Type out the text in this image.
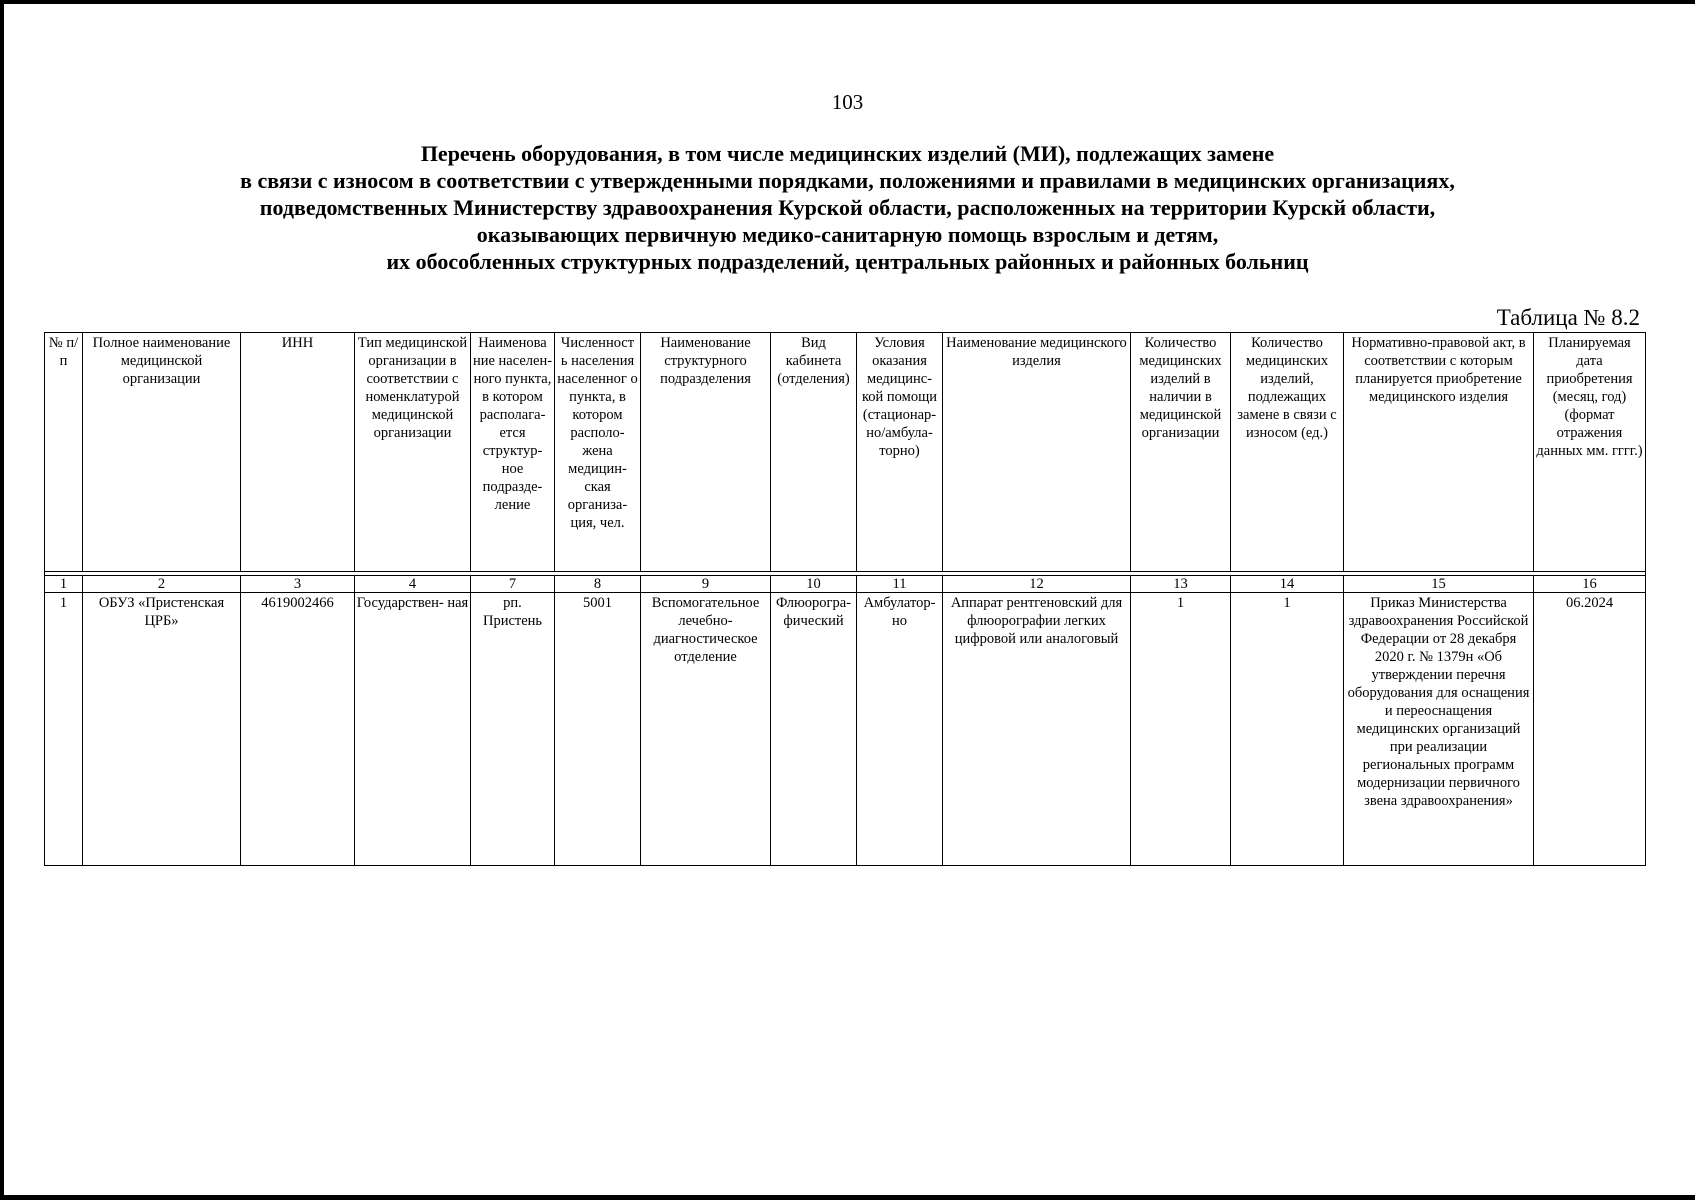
103
Перечень оборудования, в том числе медицинских изделий (МИ), подлежащих замене
в связи с износом в соответствии с утвержденными порядками, положениями и правилами в медицинских организациях,
подведомственных Министерству здравоохранения Курской области, расположенных на территории Курскй области,
оказывающих первичную медико-санитарную помощь взрослым и детям,
их обособленных структурных подразделений, центральных районных и районных больниц
Таблица № 8.2
№ п/п	Полное наименование медицинской организации	ИНН	Тип медицинской организации в соответствии с номенклатурой медицинской организации	Наименова ние населен- ного пункта, в котором располага- ется структур- ное подразде- ление	Численност ь населения населенног о пункта, в котором располо- жена медицин- ская организа- ция, чел.	Наименование структурного подразделения	Вид кабинета (отделения)	Условия оказания медицинс- кой помощи (стационар- но/амбула- торно)	Наименование медицинского изделия	Количество медицинских изделий в наличии в медицинской организации	Количество медицинских изделий, подлежащих замене в связи с износом (ед.)	Нормативно-правовой акт, в соответствии с которым планируется приобретение медицинского изделия	Планируемая дата приобретения (месяц, год) (формат отражения данных мм. гггг.)

1	2	3	4	7	8	9	10	11	12	13	14	15	16
1	ОБУЗ «Пристенская ЦРБ»	4619002466	Государствен- ная	рп. Пристень	5001	Вспомогательное лечебно- диагностическое отделение	Флюорогра- фический	Амбулатор- но	Аппарат рентгеновский для флюорографии легких цифровой или аналоговый	1	1	Приказ Министерства здравоохранения Российской Федерации от 28 декабря 2020 г. № 1379н «Об утверждении перечня оборудования для оснащения и переоснащения медицинских организаций при реализации региональных программ модернизации первичного звена здравоохранения»	06.2024
